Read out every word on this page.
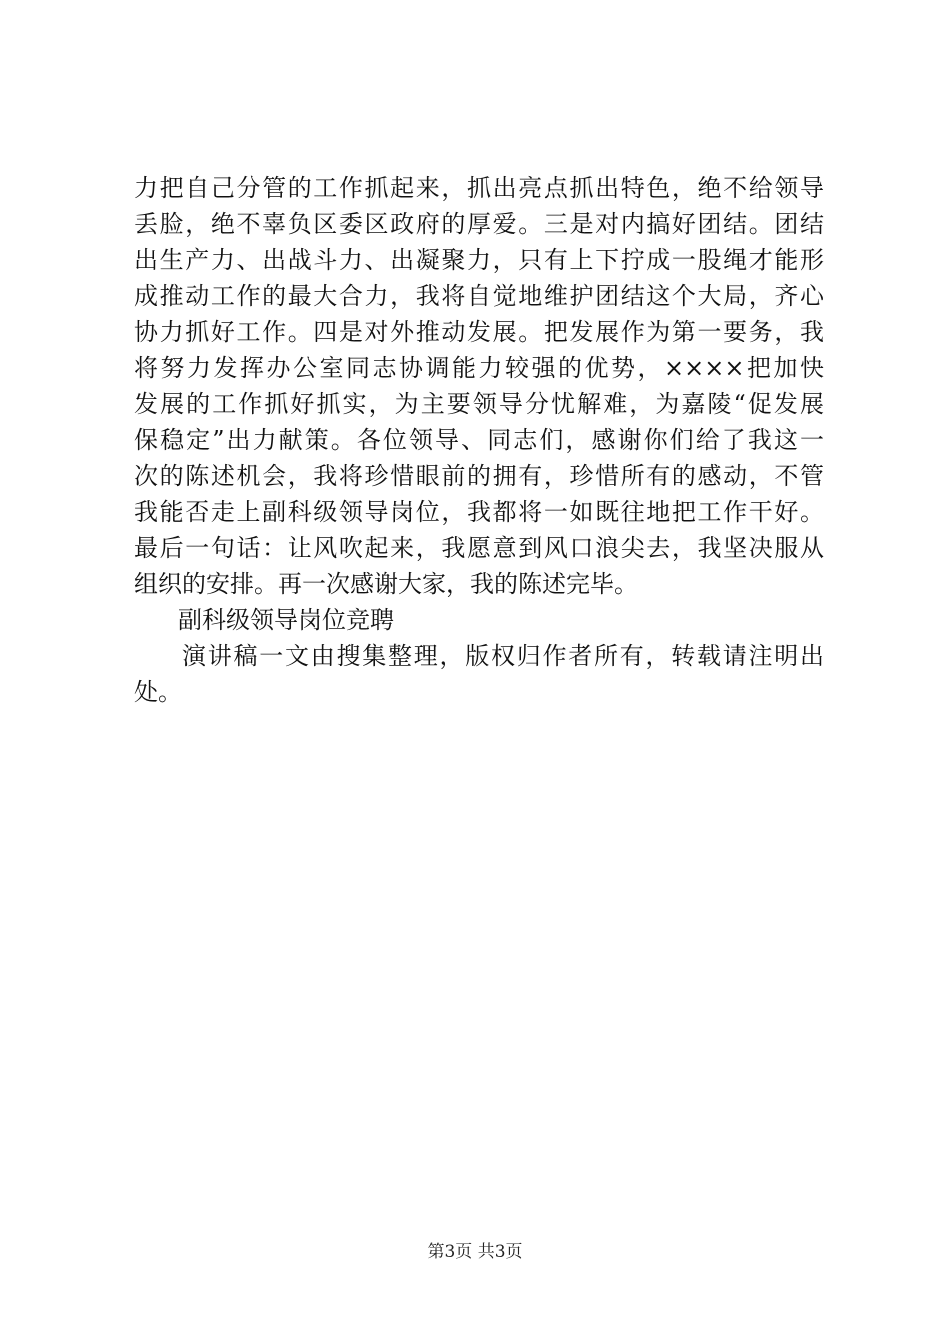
力把自己分管的工作抓起来，抓出亮点抓出特色，绝不给领导
丢脸，绝不辜负区委区政府的厚爱。三是对内搞好团结。团结
出生产力、出战斗力、出凝聚力，只有上下拧成一股绳才能形
成推动工作的最大合力，我将自觉地维护团结这个大局，齐心
协力抓好工作。四是对外推动发展。把发展作为第一要务，我
将努力发挥办公室同志协调能力较强的优势，××××把加快
发展的工作抓好抓实，为主要领导分忧解难，为嘉陵“促发展
保稳定”出力献策。各位领导、同志们，感谢你们给了我这一
次的陈述机会，我将珍惜眼前的拥有，珍惜所有的感动，不管
我能否走上副科级领导岗位，我都将一如既往地把工作干好。
最后一句话：让风吹起来，我愿意到风口浪尖去，我坚决服从
组织的安排。再一次感谢大家，我的陈述完毕。
副科级领导岗位竞聘
演讲稿一文由搜集整理，版权归作者所有，转载请注明出
处。
第3页 共3页
